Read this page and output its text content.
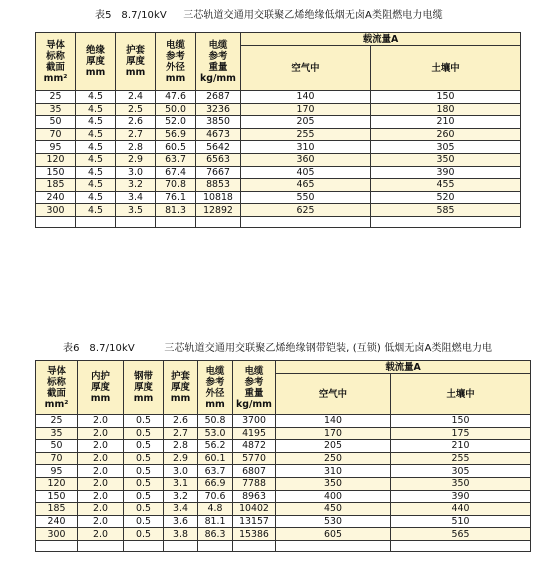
表5 8.7/10kV 三芯轨道交通用交联聚乙烯绝缘低烟无卤A类阻燃电力电缆
导体
标称
截面
mm²	绝缘
厚度
mm	护套
厚度
mm	电缆
参考
外径
mm	电缆
参考
重量
kg/mm	载流量A	
					空气中	土壤中
25	4.5	2.4	47.6	2687	140	150
35	4.5	2.5	50.0	3236	170	180
50	4.5	2.6	52.0	3850	205	210
70	4.5	2.7	56.9	4673	255	260
95	4.5	2.8	60.5	5642	310	305
120	4.5	2.9	63.7	6563	360	350
150	4.5	3.0	67.4	7667	405	390
185	4.5	3.2	70.8	8853	465	455
240	4.5	3.4	76.1	10818	550	520
300	4.5	3.5	81.3	12892	625	585

表6 8.7/10kV	三芯轨道交通用交联聚乙烯绝缘钢带铠装, (互锁) 低烟无卤A类阻燃电力电
导体
标称
截面
mm²	内护
厚度
mm	钢带
厚度
mm	护套
厚度
mm	电缆
参考
外径
mm	电缆
参考
重量
kg/mm	载流量A	
						空气中	土壤中
25	2.0	0.5	2.6	50.8	3700	140	150
35	2.0	0.5	2.7	53.0	4195	170	175
50	2.0	0.5	2.8	56.2	4872	205	210
70	2.0	0.5	2.9	60.1	5770	250	255
95	2.0	0.5	3.0	63.7	6807	310	305
120	2.0	0.5	3.1	66.9	7788	350	350
150	2.0	0.5	3.2	70.6	8963	400	390
185	2.0	0.5	3.4	4.8	10402	450	440
240	2.0	0.5	3.6	81.1	13157	530	510
300	2.0	0.5	3.8	86.3	15386	605	565
